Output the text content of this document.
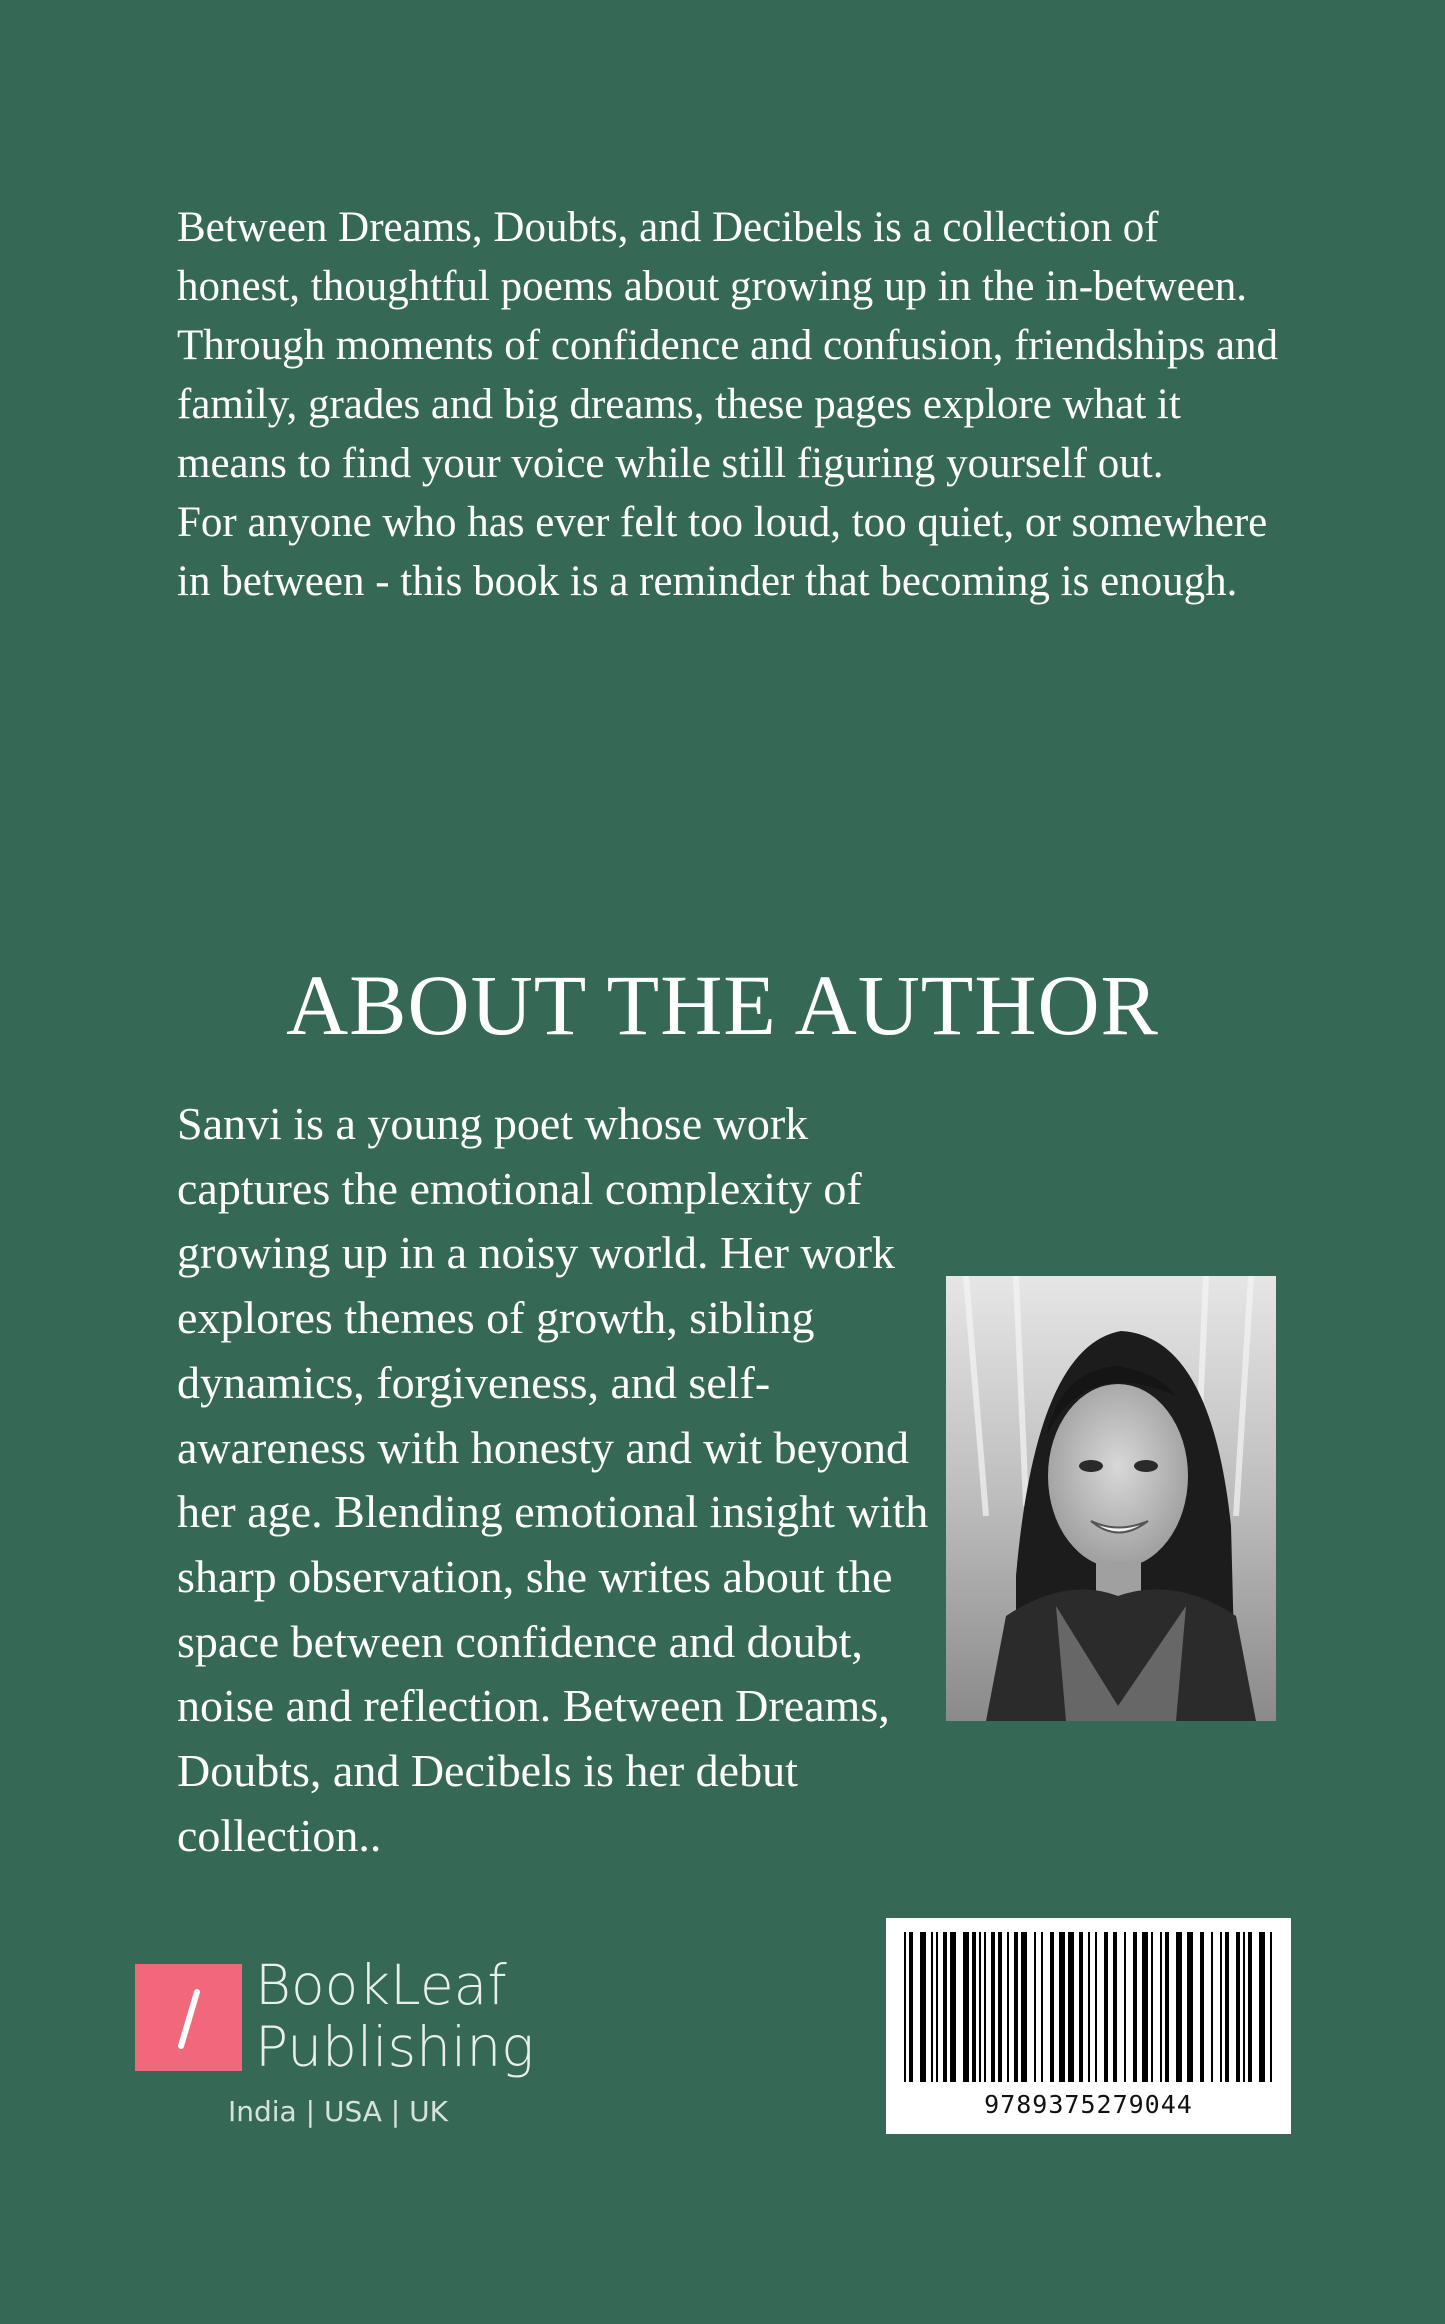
Between Dreams, Doubts, and Decibels is a collection of honest, thoughtful poems about growing up in the in-between.

Through moments of confidence and confusion, friendships and family, grades and big dreams, these pages explore what it means to find your voice while still figuring yourself out.

For anyone who has ever felt too loud, too quiet, or somewhere in between - this book is a reminder that becoming is enough.

ABOUT THE AUTHOR

Sanvi is a young poet whose work captures the emotional complexity of growing up in a noisy world. Her work explores themes of growth, sibling dynamics, forgiveness, and self-awareness with honesty and wit beyond her age. Blending emotional insight with sharp observation, she writes about the space between confidence and doubt, noise and reflection. Between Dreams, Doubts, and Decibels is her debut collection..

BookLeaf
Publishing
India | USA | UK	9789375279044
